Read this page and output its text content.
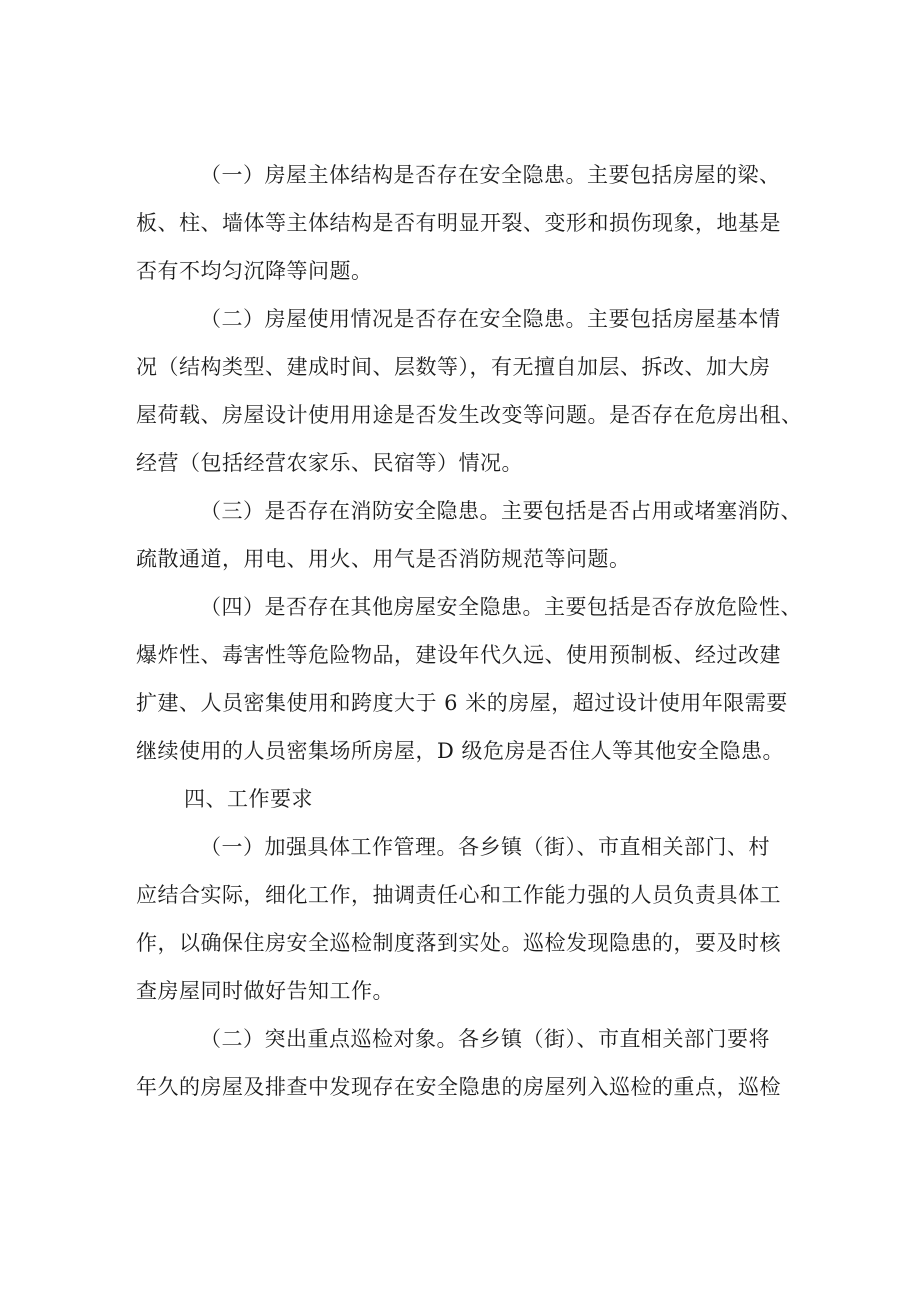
（一）房屋主体结构是否存在安全隐患。主要包括房屋的梁、
板、柱、墙体等主体结构是否有明显开裂、变形和损伤现象，地基是
否有不均匀沉降等问题。
（二）房屋使用情况是否存在安全隐患。主要包括房屋基本情
况（结构类型、建成时间、层数等），有无擅自加层、拆改、加大房
屋荷载、房屋设计使用用途是否发生改变等问题。是否存在危房出租、
经营（包括经营农家乐、民宿等）情况。
（三）是否存在消防安全隐患。主要包括是否占用或堵塞消防、
疏散通道，用电、用火、用气是否消防规范等问题。
（四）是否存在其他房屋安全隐患。主要包括是否存放危险性、
爆炸性、毒害性等危险物品，建设年代久远、使用预制板、经过改建
扩建、人员密集使用和跨度大于 6 米的房屋，超过设计使用年限需要
继续使用的人员密集场所房屋，D 级危房是否住人等其他安全隐患。
四、工作要求
（一）加强具体工作管理。各乡镇（街）、市直相关部门、村
应结合实际，细化工作，抽调责任心和工作能力强的人员负责具体工
作，以确保住房安全巡检制度落到实处。巡检发现隐患的，要及时核
查房屋同时做好告知工作。
（二）突出重点巡检对象。各乡镇（街）、市直相关部门要将
年久的房屋及排查中发现存在安全隐患的房屋列入巡检的重点，巡检
